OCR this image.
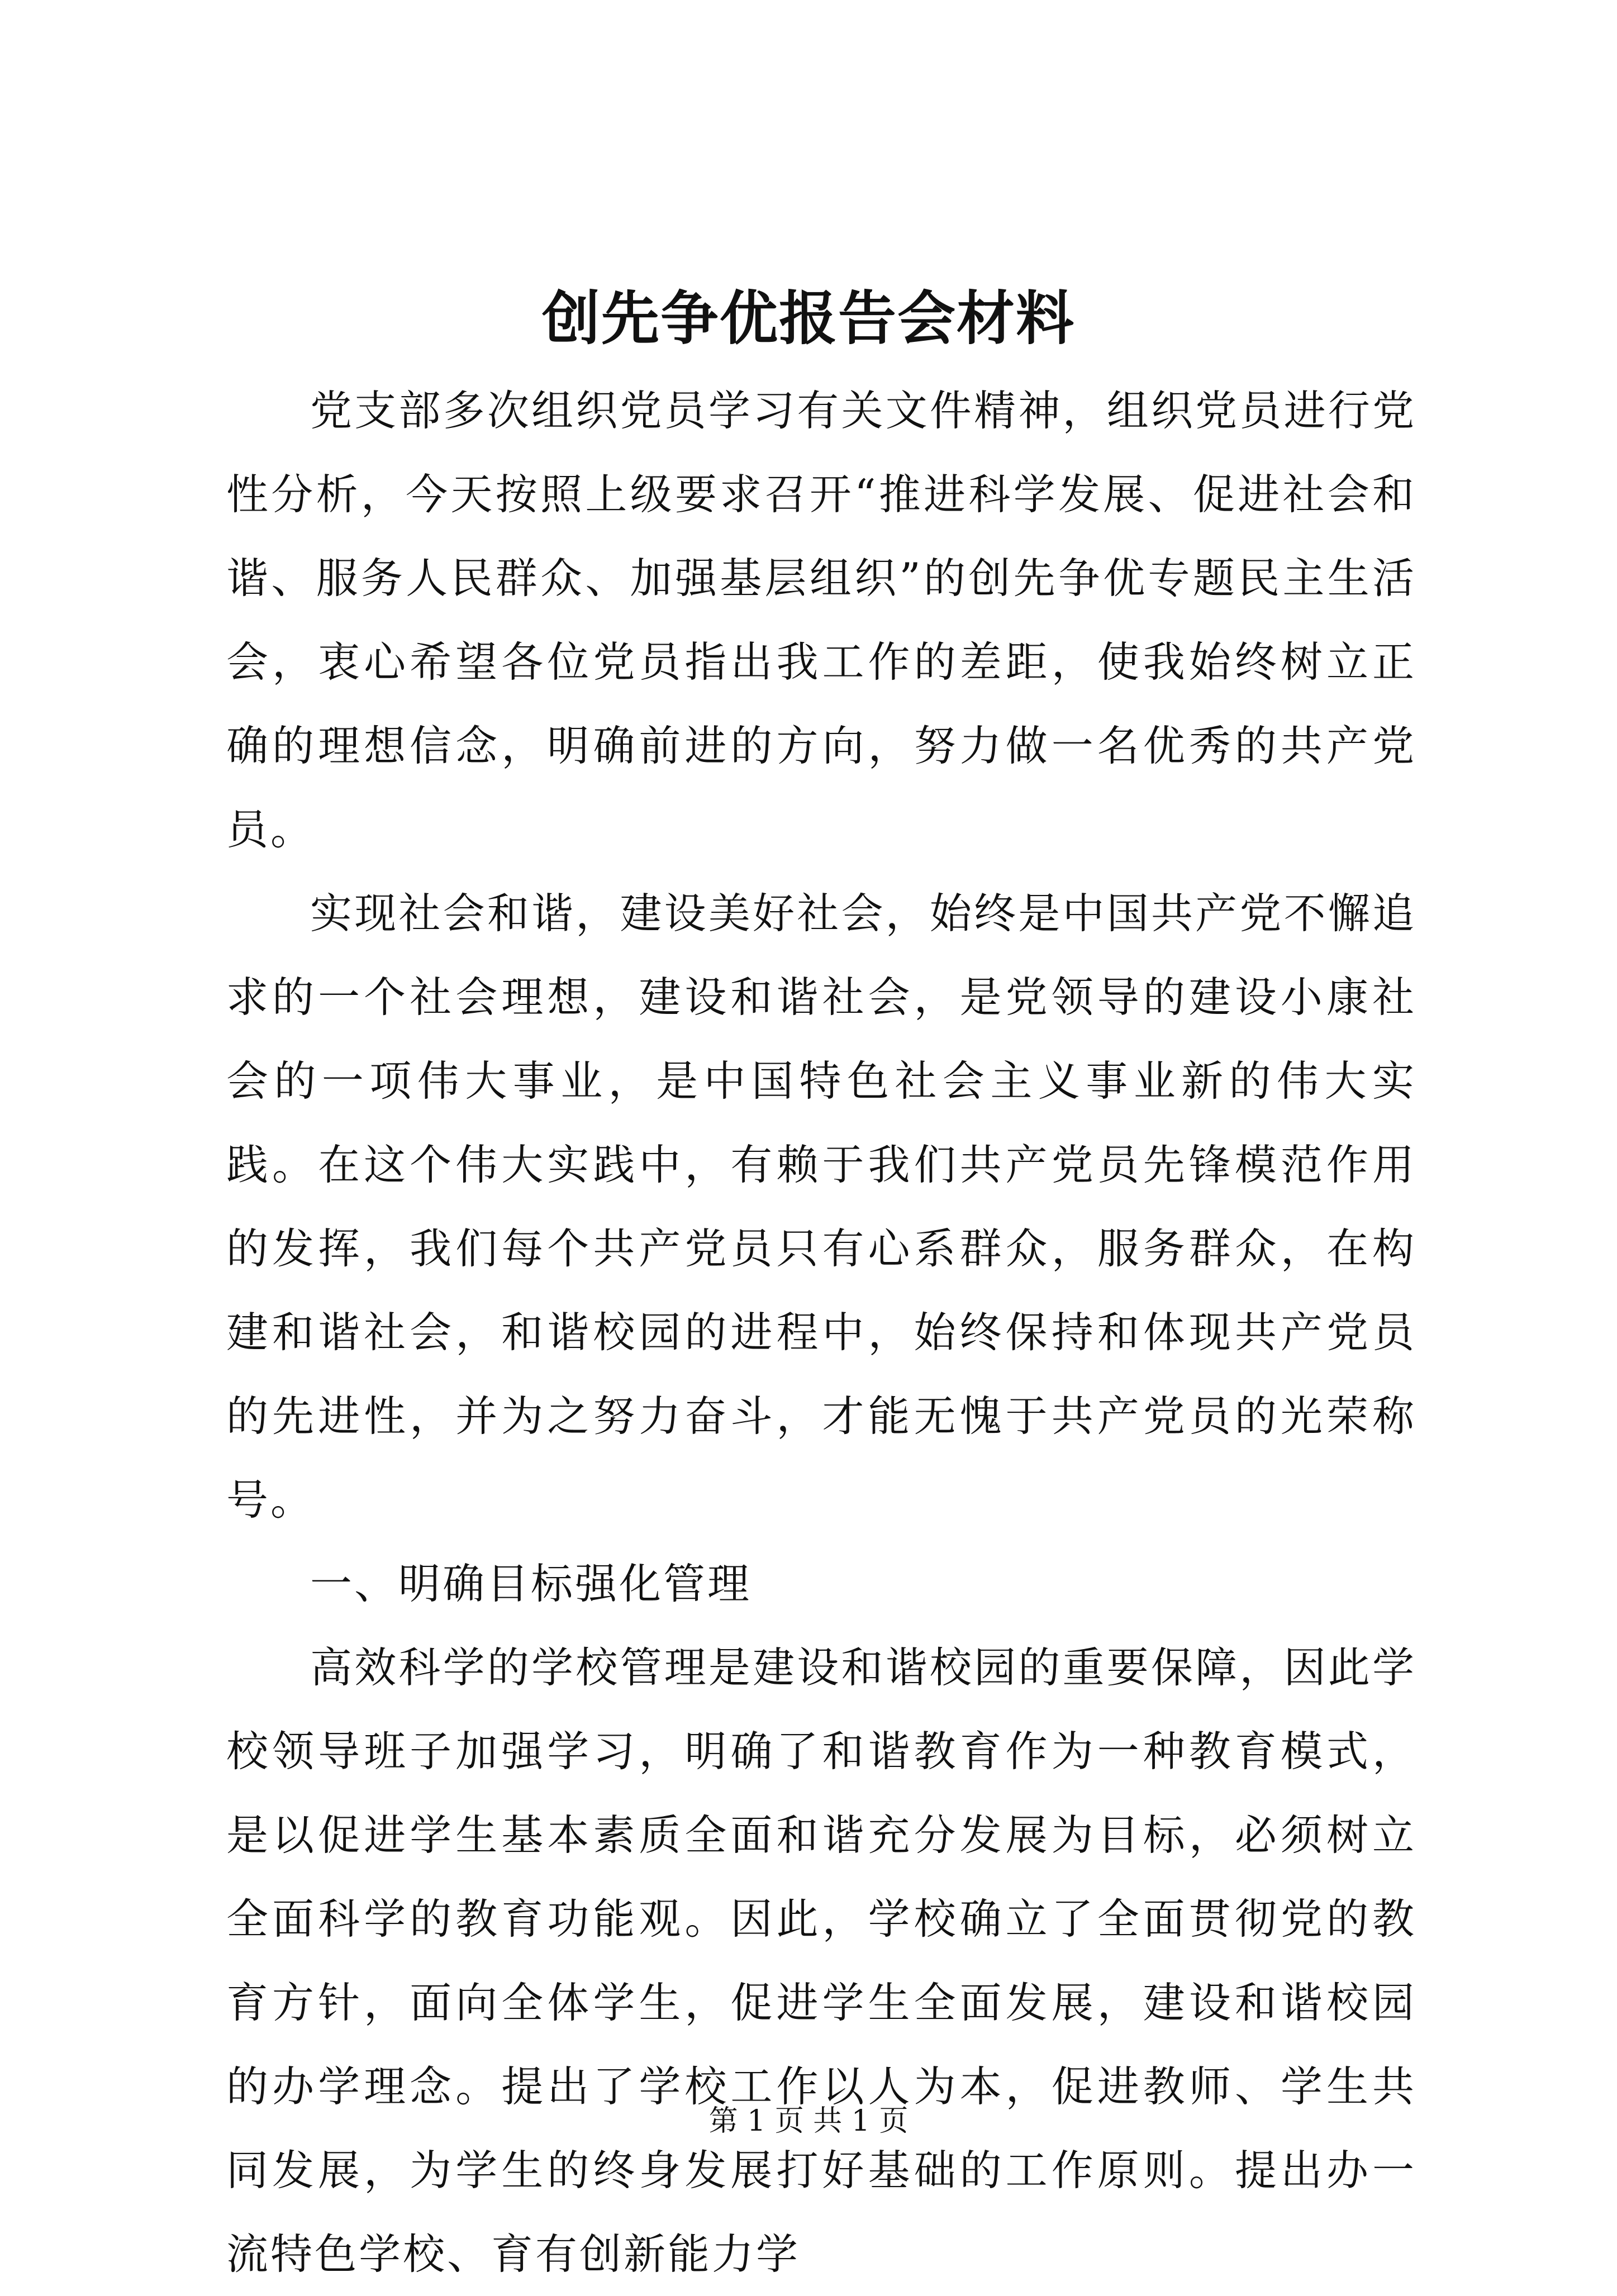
创先争优报告会材料

党支部多次组织党员学习有关文件精神，组织党员进行党性分析，今天按照上级要求召开“推进科学发展、促进社会和谐、服务人民群众、加强基层组织”的创先争优专题民主生活会，衷心希望各位党员指出我工作的差距，使我始终树立正确的理想信念，明确前进的方向，努力做一名优秀的共产党员。

实现社会和谐，建设美好社会，始终是中国共产党不懈追求的一个社会理想，建设和谐社会，是党领导的建设小康社会的一项伟大事业，是中国特色社会主义事业新的伟大实践。在这个伟大实践中，有赖于我们共产党员先锋模范作用的发挥，我们每个共产党员只有心系群众，服务群众，在构建和谐社会，和谐校园的进程中，始终保持和体现共产党员的先进性，并为之努力奋斗，才能无愧于共产党员的光荣称号。

一、明确目标强化管理

高效科学的学校管理是建设和谐校园的重要保障，因此学校领导班子加强学习，明确了和谐教育作为一种教育模式，是以促进学生基本素质全面和谐充分发展为目标，必须树立全面科学的教育功能观。因此，学校确立了全面贯彻党的教育方针，面向全体学生，促进学生全面发展，建设和谐校园的办学理念。提出了学校工作以人为本，促进教师、学生共同发展，为学生的终身发展打好基础的工作原则。提出办一流特色学校、育有创新能力学

第 1 页 共 1 页
